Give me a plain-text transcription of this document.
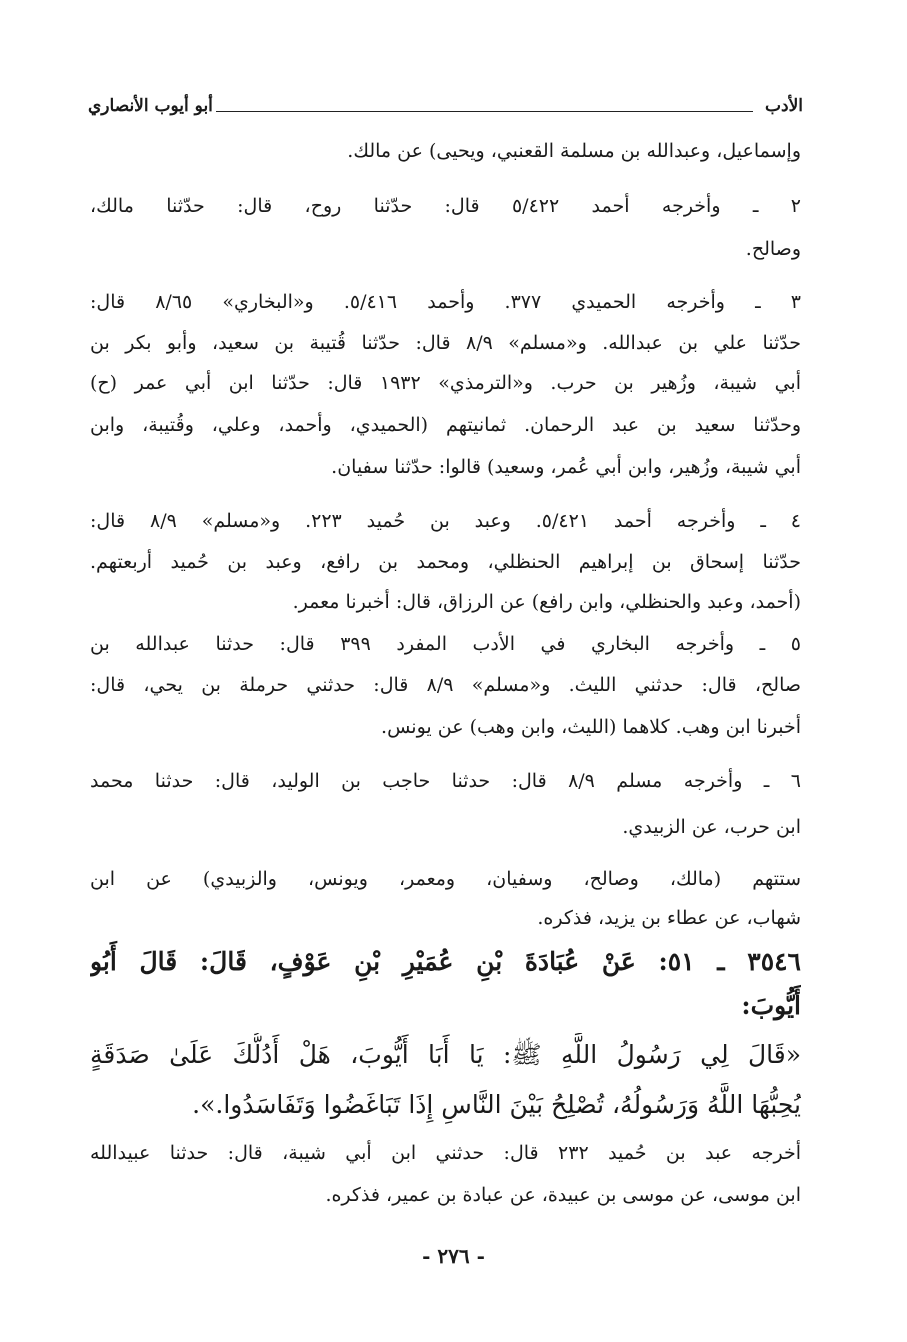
الأدب
أبو أيوب الأنصاري
وإسماعيل، وعبدالله بن مسلمة القعنبي، ويحيى) عن مالك.
٢ ـ وأخرجه أحمد ٥/٤٢٢ قال: حدّثنا روح، قال: حدّثنا مالك،
وصالح.
٣ ـ وأخرجه الحميدي ٣٧٧. وأحمد ٥/٤١٦. و«البخاري» ٨/٦٥ قال:
حدّثنا علي بن عبدالله. و«مسلم» ٨/٩ قال: حدّثنا قُتيبة بن سعيد، وأبو بكر بن
أبي شيبة، وزُهير بن حرب. و«الترمذي» ١٩٣٢ قال: حدّثنا ابن أبي عمر (ح)
وحدّثنا سعيد بن عبد الرحمان. ثمانيتهم (الحميدي، وأحمد، وعلي، وقُتيبة، وابن
أبي شيبة، وزُهير، وابن أبي عُمر، وسعيد) قالوا: حدّثنا سفيان.
٤ ـ وأخرجه أحمد ٥/٤٢١. وعبد بن حُميد ٢٢٣. و«مسلم» ٨/٩ قال:
حدّثنا إسحاق بن إبراهيم الحنظلي، ومحمد بن رافع، وعبد بن حُميد أربعتهم.
(أحمد، وعبد والحنظلي، وابن رافع) عن الرزاق، قال: أخبرنا معمر.
٥ ـ وأخرجه البخاري في الأدب المفرد ٣٩٩ قال: حدثنا عبدالله بن
صالح، قال: حدثني الليث. و«مسلم» ٨/٩ قال: حدثني حرملة بن يحي، قال:
أخبرنا ابن وهب. كلاهما (الليث، وابن وهب) عن يونس.
٦ ـ وأخرجه مسلم ٨/٩ قال: حدثنا حاجب بن الوليد، قال: حدثنا محمد
ابن حرب، عن الزبيدي.
ستتهم (مالك، وصالح، وسفيان، ومعمر، ويونس، والزبيدي) عن ابن
شهاب، عن عطاء بن يزيد، فذكره.
٣٥٤٦ ـ ٥١: عَنْ عُبَادَةَ بْنِ عُمَيْرِ بْنِ عَوْفٍ، قَالَ: قَالَ أَبُو
أَيُّوبَ:
«قَالَ لِي رَسُولُ اللَّهِ ﷺ: يَا أَبَا أَيُّوبَ، هَلْ أَدُلُّكَ عَلَىٰ صَدَقَةٍ
يُحِبُّهَا اللَّهُ وَرَسُولُهُ، تُصْلِحُ بَيْنَ النَّاسِ إِذَا تَبَاغَضُوا وَتَفَاسَدُوا.».
أخرجه عبد بن حُميد ٢٣٢ قال: حدثني ابن أبي شيبة، قال: حدثنا عبيدالله
ابن موسى، عن موسى بن عبيدة، عن عبادة بن عمير، فذكره.
- ٢٧٦ -
